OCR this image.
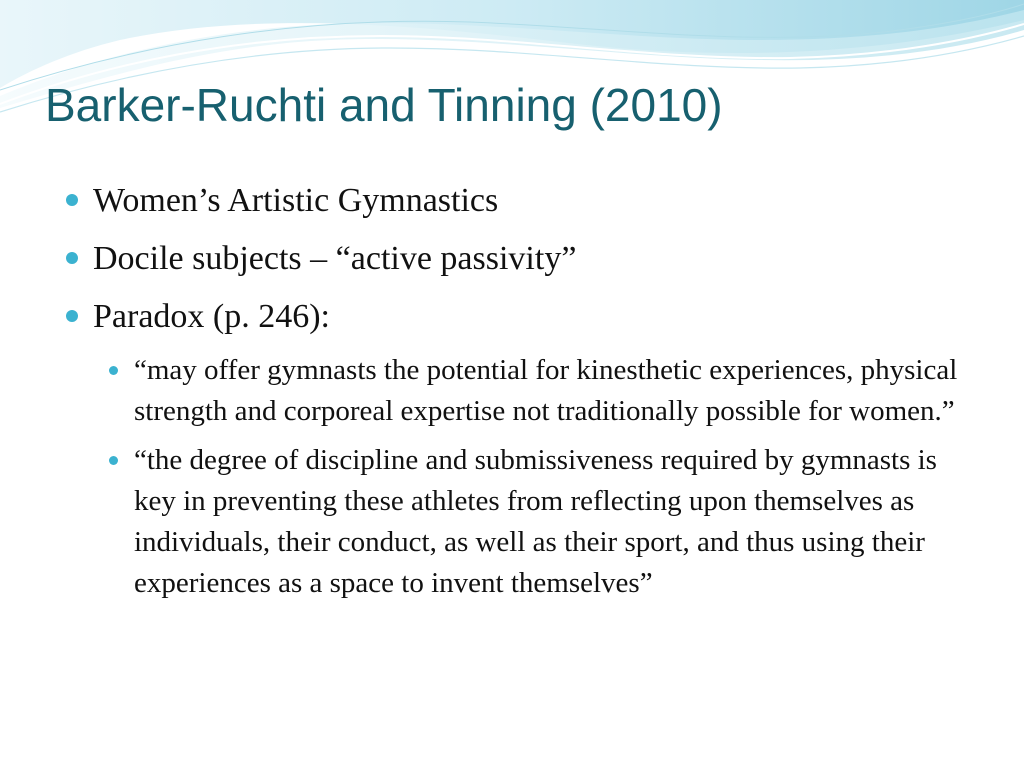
Barker-Ruchti and Tinning (2010)
Women’s Artistic Gymnastics
Docile subjects – “active passivity”
Paradox (p. 246):
“may offer gymnasts the potential for kinesthetic experiences, physical strength and corporeal expertise not traditionally possible for women.”
“the degree of discipline and submissiveness required by gymnasts is key in preventing these athletes from reflecting upon themselves as individuals, their conduct, as well as their sport, and thus using their experiences as a space to invent themselves”
